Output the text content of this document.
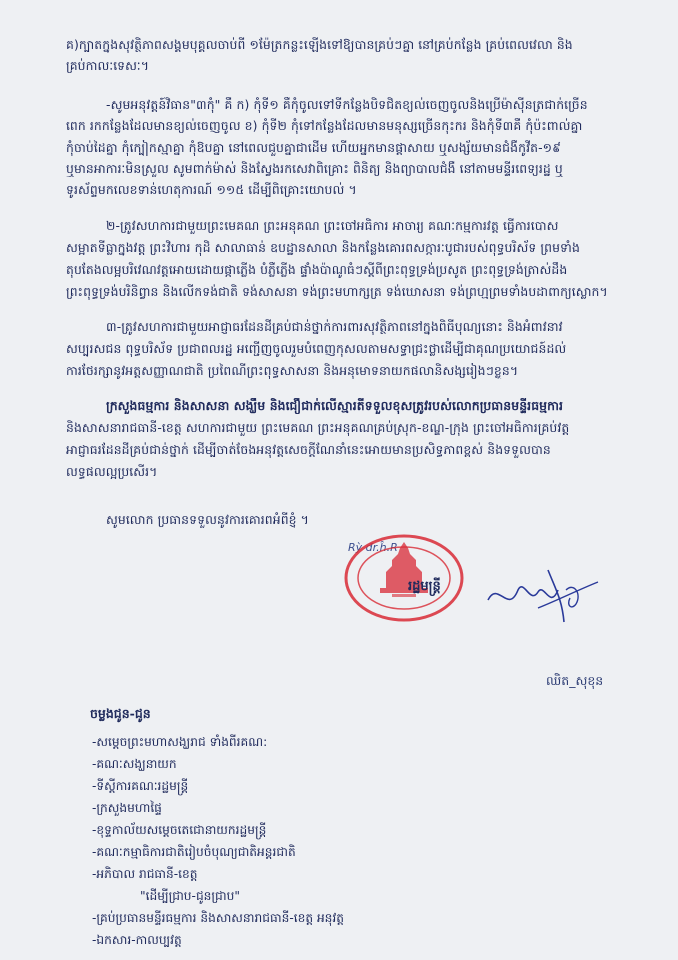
គ)ក្បាតក្នុងសុវត្ថិភាពសង្គមបុគ្គលចាប់ពី ១ម៉ែត្រកន្លះឡើងទៅឱ្យបានគ្រប់ៗគ្នា នៅគ្រប់កន្លែង គ្រប់ពេលវេលា និង
គ្រប់កាលៈទេសៈ។
-សូមអនុវត្តន៍វិធាន"៣កុំ" គឺ ក) កុំទី១ គឺកុំចូលទៅទីកន្លែងបិទជិតខ្យល់ចេញចូលនិងប្រើម៉ាស៊ីនត្រជាក់ច្រើន
ពេក រកកន្លែងដែលមានខ្យល់ចេញចូល ខ) កុំទី២ កុំទៅកន្លែងដែលមានមនុស្សច្រើនកុះករ និងកុំទី៣គឺ កុំប៉ះពាល់គ្នា
កុំចាប់ដៃគ្នា កុំក្បៀកស្មាគ្នា កុំឱបគ្នា នៅពេលជួបគ្នាជាដើម ហើយអ្នកមានផ្តាសាយ ឬសង្ស័យមានជំងឺកូវីត-១៩
ឬមានអាការៈមិនស្រួល សូមពាក់ម៉ាស់ និងស្វែងរកសេវាពិគ្រោះ ពិនិត្យ និងព្យាបាលជំងឺ នៅតាមមន្ទីរពេទ្យរដ្ឋ ឬ
ទូរស័ព្ទមកលេខទាន់ហេតុការណ៍ ១១៥ ដើម្បីពិគ្រោះយោបល់ ។
២-ត្រូវសហការជាមួយព្រះមេគណ ព្រះអនុគណ ព្រះចៅអធិការ អាចារ្យ គណៈកម្មការវត្ត ធ្វើការបោស
សម្អាតទីធ្លាក្នុងវត្ត ព្រះវិហារ កុដិ សាលាធាន់ ឧបដ្ឋានសាលា និងកន្លែងគោរពសក្ការៈបូជារបស់ពុទ្ធបរិស័ទ ព្រមទាំង
តុបតែងលម្អបរិវេណវត្តអោយដោយផ្កាភ្លើង បំភ្លឺភ្លើង ផ្ទាំងប៉ាណូធំៗស្តីពីព្រះពុទ្ធទ្រង់ប្រសូត ព្រះពុទ្ធទ្រង់ត្រាស់ដឹង
ព្រះពុទ្ធទ្រង់បរិនិព្វាន និងលើកទង់ជាតិ ទង់សាសនា ទង់ព្រះមហាក្សត្រ ទង់ឃោសនា ទង់ព្រហ្មព្រមទាំងបដាពាក្យស្លោក។
៣-ត្រូវសហការជាមួយអាជ្ញាធរដែនដីគ្រប់ជាន់ថ្នាក់ការពារសុវត្ថិភាពនៅក្នុងពិធីបុណ្យនោះ និងអំពាវនាវ
សប្បុរសជន ពុទ្ធបរិស័ទ ប្រជាពលរដ្ឋ អញ្ជើញចូលរួមបំពេញកុសលតាមសទ្ធាជ្រះថ្លាដើម្បីជាគុណប្រយោជន៍ដល់
ការថែរក្សានូវអត្តសញ្ញាណជាតិ ប្រពៃណីព្រះពុទ្ធសាសនា និងអនុមោទនាយកផលានិសង្សរៀងៗខ្លួន។
ក្រសួងធម្មការ និងសាសនា សង្ឃឹម និងជឿជាក់លើស្មារតីទទួលខុសត្រូវរបស់លោកប្រធានមន្ទីរធម្មការ
និងសាសនារាជធានី-ខេត្ត សហការជាមួយ ព្រះមេគណ ព្រះអនុគណគ្រប់ស្រុក-ខណ្ឌ-ក្រុង ព្រះចៅអធិការគ្រប់វត្ត
អាជ្ញាធរដែនដីគ្រប់ជាន់ថ្នាក់ ដើម្បីចាត់ចែងអនុវត្តសេចក្តីណែនាំនេះអោយមានប្រសិទ្ធភាពខ្ពស់ និងទទួលបាន
លទ្ធផលល្អប្រសើរ។
សូមលោក ប្រធានទទួលនូវការគោរពអំពីខ្ញុំ ។
Rỳ đr.ĥ.R
រដ្ឋមន្ត្រី
ឈិត_សុខុន
ចម្លងជូន-ជូន
-សម្តេចព្រះមហាសង្ឃរាជ ទាំងពីរគណ:
-គណៈសង្ឃនាយក
-ទីស្តីការគណៈរដ្ឋមន្ត្រី
-ក្រសួងមហាផ្ទៃ
-ខុទ្ទកាល័យសម្តេចតេជោនាយករដ្ឋមន្ត្រី
-គណៈកម្មាធិការជាតិរៀបចំបុណ្យជាតិអន្តរជាតិ
-អភិបាល រាជធានី-ខេត្ត
"ដើម្បីជ្រាប-ជូនជ្រាប"
-គ្រប់ប្រធានមន្ទីរធម្មការ និងសាសនារាជធានី-ខេត្ត អនុវត្ត
-ឯកសារ-កាលប្បវត្ត
